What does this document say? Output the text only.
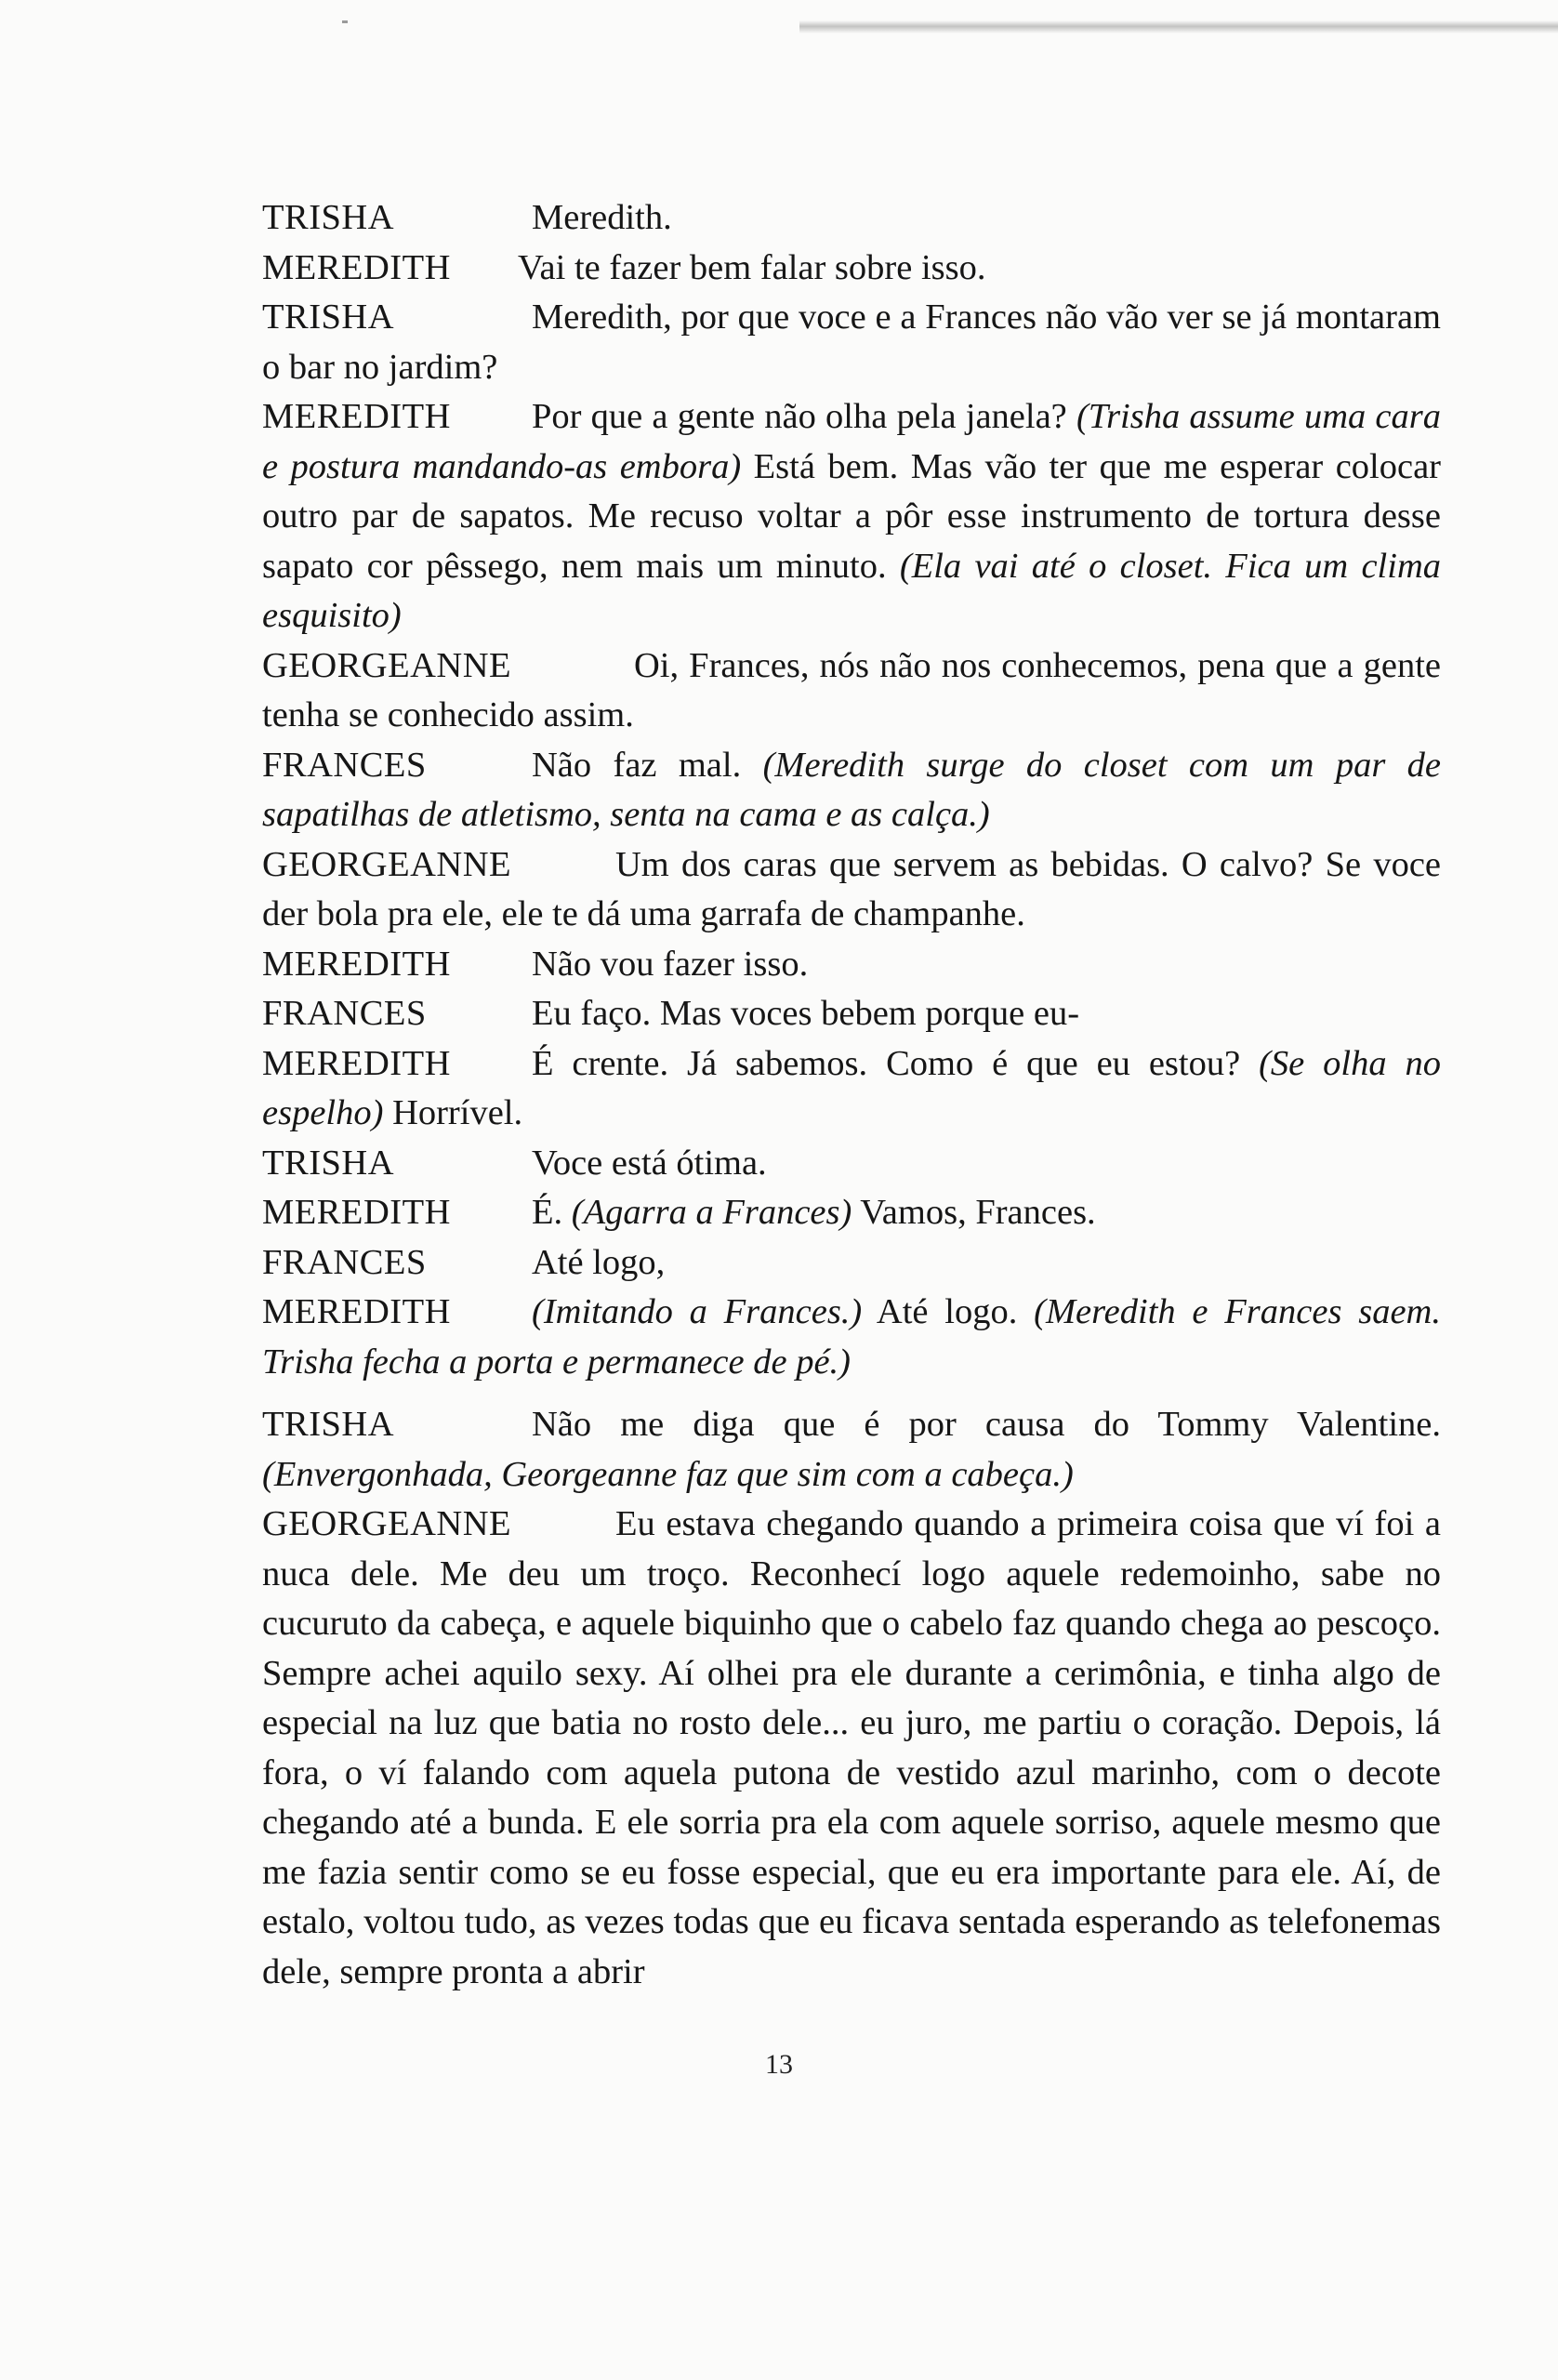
TRISHA	Meredith.

MEREDITH Vai te fazer bem falar sobre isso.

TRISHA	Meredith, por que voce e a Frances não vão ver se já montaram o bar no jardim?

MEREDITH Por que a gente não olha pela janela? (Trisha assume uma cara e postura mandando-as embora) Está bem. Mas vão ter que me esperar colocar outro par de sapatos. Me recuso voltar a pôr esse instrumento de tortura desse sapato cor pêssego, nem mais um minuto. (Ela vai até o closet. Fica um clima esquisito)

GEORGEANNE	Oi, Frances, nós não nos conhecemos, pena que a gente tenha se conhecido assim.

FRANCES	Não faz mal. (Meredith surge do closet com um par de sapatilhas de atletismo, senta na cama e as calça.)

GEORGEANNE	Um dos caras que servem as bebidas. O calvo? Se voce der bola pra ele, ele te dá uma garrafa de champanhe.

MEREDITH Não vou fazer isso.

FRANCES	Eu faço. Mas voces bebem porque eu-

MEREDITH É crente. Já sabemos. Como é que eu estou? (Se olha no espelho) Horrível.

TRISHA	Voce está ótima.

MEREDITH É. (Agarra a Frances) Vamos, Frances.

FRANCES	Até logo,

MEREDITH (Imitando a Frances.) Até logo. (Meredith e Frances saem. Trisha fecha a porta e permanece de pé.)

TRISHA	Não me diga que é por causa do Tommy Valentine. (Envergonhada, Georgeanne faz que sim com a cabeça.)

GEORGEANNE	Eu estava chegando quando a primeira coisa que ví foi a nuca dele. Me deu um troço. Reconhecí logo aquele redemoinho, sabe no cucuruto da cabeça, e aquele biquinho que o cabelo faz quando chega ao pescoço. Sempre achei aquilo sexy. Aí olhei pra ele durante a cerimônia, e tinha algo de especial na luz que batia no rosto dele... eu juro, me partiu o coração. Depois, lá fora, o ví falando com aquela putona de vestido azul marinho, com o decote chegando até a bunda. E ele sorria pra ela com aquele sorriso, aquele mesmo que me fazia sentir como se eu fosse especial, que eu era importante para ele. Aí, de estalo, voltou tudo, as vezes todas que eu ficava sentada esperando as telefonemas dele, sempre pronta a abrir

13
